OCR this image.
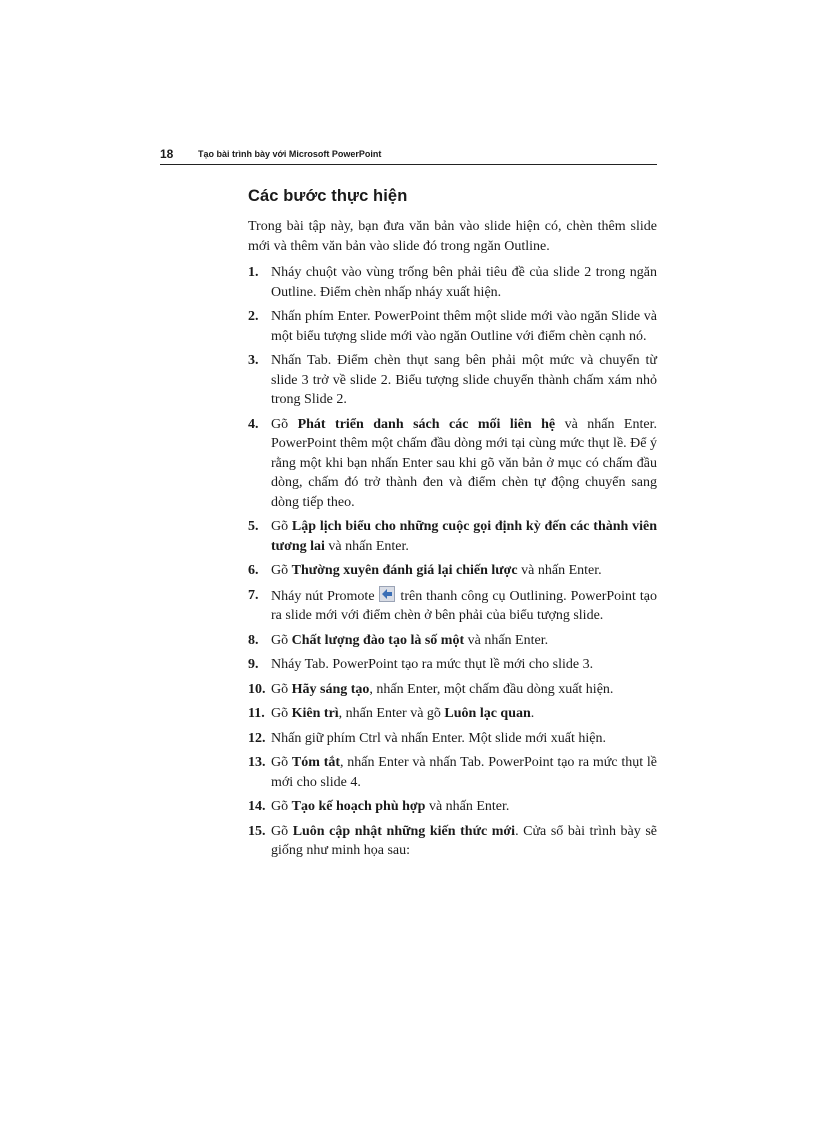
18	Tạo bài trình bày với Microsoft PowerPoint
Các bước thực hiện

Trong bài tập này, bạn đưa văn bản vào slide hiện có, chèn thêm slide mới và thêm văn bản vào slide đó trong ngăn Outline.

1. Nháy chuột vào vùng trống bên phải tiêu đề của slide 2 trong ngăn Outline. Điểm chèn nhấp nháy xuất hiện.
2. Nhấn phím Enter. PowerPoint thêm một slide mới vào ngăn Slide và một biểu tượng slide mới vào ngăn Outline với điểm chèn cạnh nó.
3. Nhấn Tab. Điểm chèn thụt sang bên phải một mức và chuyển từ slide 3 trở về slide 2. Biểu tượng slide chuyển thành chấm xám nhỏ trong Slide 2.
4. Gõ Phát triển danh sách các mối liên hệ và nhấn Enter. PowerPoint thêm một chấm đầu dòng mới tại cùng mức thụt lề. Để ý rằng một khi bạn nhấn Enter sau khi gõ văn bản ở mục có chấm đầu dòng, chấm đó trở thành đen và điểm chèn tự động chuyển sang dòng tiếp theo.
5. Gõ Lập lịch biểu cho những cuộc gọi định kỳ đến các thành viên tương lai và nhấn Enter.
6. Gõ Thường xuyên đánh giá lại chiến lược và nhấn Enter.
7. Nháy nút Promote
trên thanh công cụ Outlining. PowerPoint tạo ra slide mới với điểm chèn ở bên phải của biểu tượng slide.
8. Gõ Chất lượng đào tạo là số một và nhấn Enter.
9. Nháy Tab. PowerPoint tạo ra mức thụt lề mới cho slide 3.
10. Gõ Hãy sáng tạo, nhấn Enter, một chấm đầu dòng xuất hiện.
11. Gõ Kiên trì, nhấn Enter và gõ Luôn lạc quan.
12. Nhấn giữ phím Ctrl và nhấn Enter. Một slide mới xuất hiện.
13. Gõ Tóm tắt, nhấn Enter và nhấn Tab. PowerPoint tạo ra mức thụt lề mới cho slide 4.
14. Gõ Tạo kế hoạch phù hợp và nhấn Enter.
15. Gõ Luôn cập nhật những kiến thức mới. Cửa sổ bài trình bày sẽ giống như minh họa sau:
